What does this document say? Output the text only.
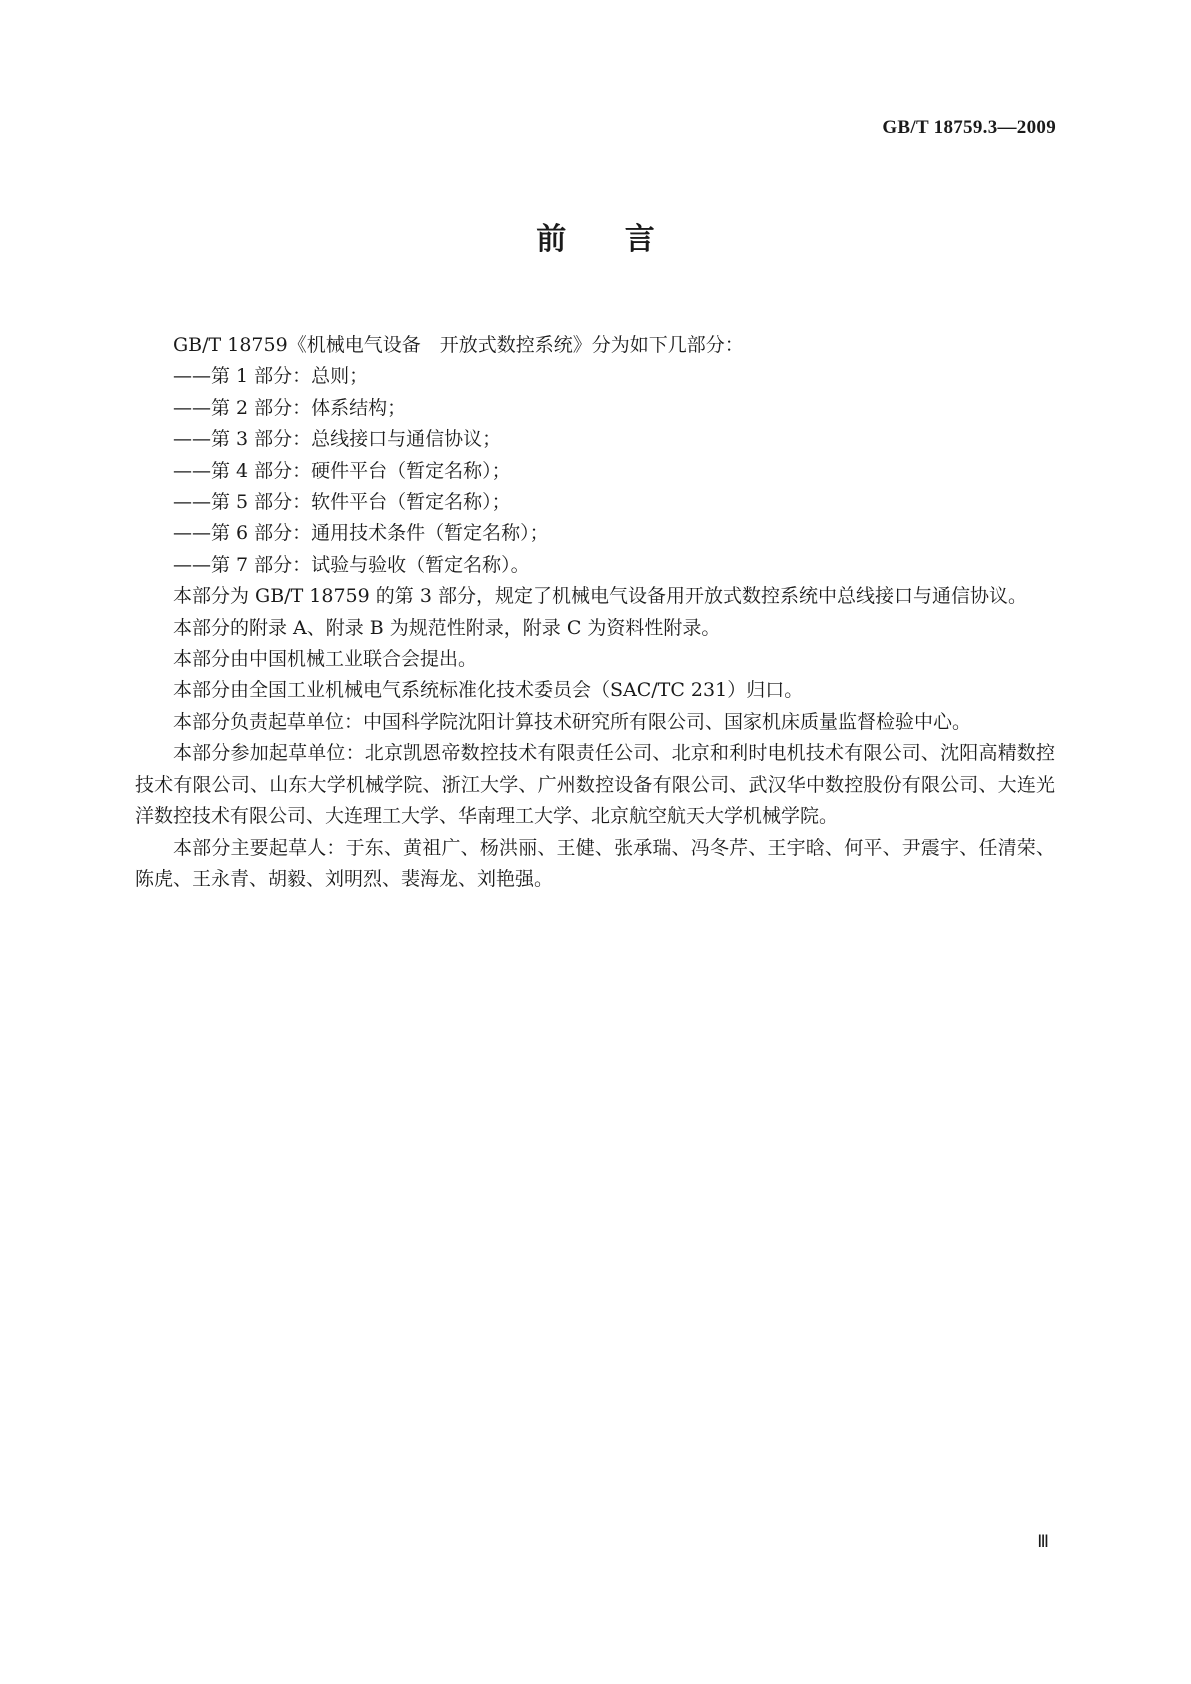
GB/T 18759.3—2009
前 言

GB/T 18759《机械电气设备　开放式数控系统》分为如下几部分：

——第 1 部分：总则；

——第 2 部分：体系结构；

——第 3 部分：总线接口与通信协议；

——第 4 部分：硬件平台（暂定名称）；

——第 5 部分：软件平台（暂定名称）；

——第 6 部分：通用技术条件（暂定名称）；

——第 7 部分：试验与验收（暂定名称）。

本部分为 GB/T 18759 的第 3 部分，规定了机械电气设备用开放式数控系统中总线接口与通信协议。

本部分的附录 A、附录 B 为规范性附录，附录 C 为资料性附录。

本部分由中国机械工业联合会提出。

本部分由全国工业机械电气系统标准化技术委员会（SAC/TC 231）归口。

本部分负责起草单位：中国科学院沈阳计算技术研究所有限公司、国家机床质量监督检验中心。

本部分参加起草单位：北京凯恩帝数控技术有限责任公司、北京和利时电机技术有限公司、沈阳高精数控技术有限公司、山东大学机械学院、浙江大学、广州数控设备有限公司、武汉华中数控股份有限公司、大连光洋数控技术有限公司、大连理工大学、华南理工大学、北京航空航天大学机械学院。

本部分主要起草人：于东、黄祖广、杨洪丽、王健、张承瑞、冯冬芹、王宇晗、何平、尹震宇、任清荣、陈虎、王永青、胡毅、刘明烈、裴海龙、刘艳强。

Ⅲ
